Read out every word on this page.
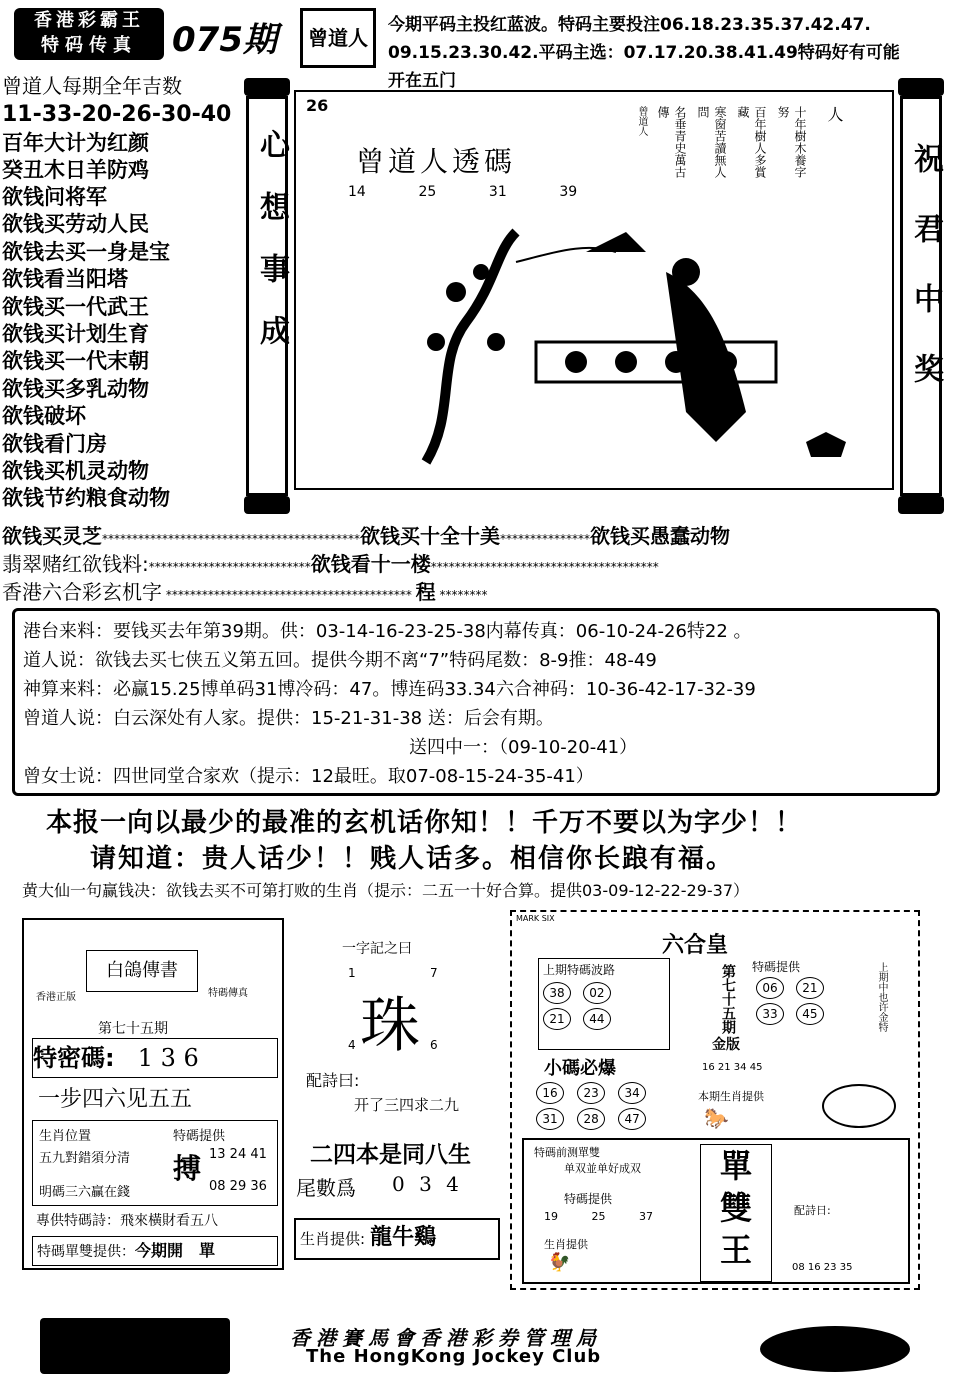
香港彩霸王
特码传真	075期 曾道人
今期平码主投红蓝波。特码主要投注06.18.23.35.37.42.47.
09.15.23.30.42.平码主选：07.17.20.38.41.49特码好有可能
开在五门
曾道人每期全年吉数
11-33-20-26-30-40
百年大计为红颜
癸丑木日羊防鸡
欲钱问将军
欲钱买劳动人民
欲钱去买一身是宝
欲钱看当阳塔
欲钱买一代武王
欲钱买计划生育
欲钱买一代末朝
欲钱买多乳动物
欲钱破坏
欲钱看门房
欲钱买机灵动物
欲钱节约粮食动物
心想事成
26
曾道人透碼
14	25	31	39
人
十年樹木養字努
百年樹人多賞藏
寒窗苦讀無人問
名垂青史萬古傳
曾道人
祝君中奖
欲钱买灵芝*******************************************欲钱买十全十美***************欲钱买愚蠢动物
翡翠赌红欲钱料:***************************欲钱看十一楼**************************************
香港六合彩玄机字 ***************************************** 程 ********
港台来料：要钱买去年第39期。供：03-14-16-23-25-38内幕传真：06-10-24-26特22 。
道人说：欲钱去买七侠五义第五回。提供今期不离“7”特码尾数：8-9推：48-49
神算来料：必赢15.25博单码31博冷码：47。博连码33.34六合神码：10-36-42-17-32-39
曾道人说：白云深处有人家。提供：15-21-31-38 送：后会有期。
送四中一：（09-10-20-41）
曾女士说：四世同堂合家欢（提示：12最旺。取07-08-15-24-35-41）
本报一向以最少的最准的玄机话你知！！千万不要以为字少！！
请知道：贵人话少！！贱人话多。相信你长踉有福。
黄大仙一句赢钱决：欲钱去买不可第打败的生肖（提示：二五一十好合算。提供03-09-12-22-29-37）
白鴿傳書
香港正版	特碼傳真
第七十五期
特密碼: 1 3 6
一步四六见五五
生肖位置
五九對錯須分清
明碼三六贏在錢
特碼提供
搏 13 24 41
08 29 36
專供特碼詩：飛來橫財看五八
特碼單雙提供：今期開　單
一字記之曰
1	7
珠
4	6
配詩曰:
开了三四求二九
二四本是同八生
尾數爲 0 3 4
生肖提供: 龍牛鷄
MARK SIX
六合皇
上期特碼波路
38 02
21 44	第七十五期
金版
特碼提供
06 21 33 45	上期中也许金特
小碼必爆	16 21 34 45
16 23 34 31 28 47
本期生肖提供
🐎
特碼前测單雙
单双並单好成双
特碼提供
19	25	37
生肖提供
🐓
單
雙
王
配詩日:
08 16 23 35
香港賽馬會香港彩券管理局
The HongKong Jockey Club
